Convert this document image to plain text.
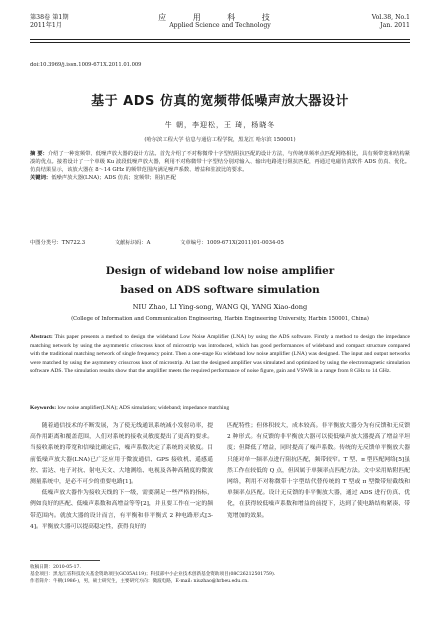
第38卷 第1期
2011年1月
应 用 科 技
Applied Science and Technology
Vol.38, No.1
Jan. 2011
doi:10.3969/j.issn.1009-671X.2011.01.009
基于 ADS 仿真的宽频带低噪声放大器设计
牛 朝，李迎松，王 琦，杨晓冬
(哈尔滨工程大学 信息与通信工程学院，黑龙江 哈尔滨 150001)
摘 要：介绍了一种宽频带、低噪声放大器的设计方法。首先介绍了不对称微带十字型结阻抗匹配的设计方法，与传统单频率点匹配网络相比，具有频带宽和结构紧凑的优点。接着设计了一个单级 Ku 波段低噪声放大器，利用不对称微带十字型结分别对输入、输出电路进行阻抗匹配，再通过电磁仿真软件 ADS 仿真、优化。仿真结果显示，该放大器在 8～14 GHz 的频带范围内满足噪声系数、增益和驻波比的要求。
关键词：低噪声放大器(LNA)；ADS 仿真；宽频带；阻抗匹配
中图分类号：TN722.3	文献标识码：A	文章编号：1009-671X(2011)01-0034-05
Design of wideband low noise amplifier
based on ADS software simulation
NIU Zhao, LI Ying-song, WANG Qi, YANG Xiao-dong
(College of Information and Communication Engineering, Harbin Engineering University, Harbin 150001, China)
Abstract: This paper presents a method to design the wideband Low Noise Amplifier (LNA) by using the ADS software. Firstly a method to design the impedance matching network by using the asymmetric crisscross knot of microstrip was introduced, which has good performances of wideband and compact structure compared with the traditional matching network of single frequency point. Then a one-stage Ku wideband low noise amplifier (LNA) was designed. The input and output networks were matched by using the asymmetry crisscross knot of microstrip. At last the designed amplifier was simulated and optimized by using the electromagnetic simulation software ADS. The simulation results show that the amplifier meets the required performance of noise figure, gain and VSWR in a range from 8 GHz to 14 GHz.
Keywords: low noise amplifier(LNA); ADS simulation; wideband; impedance matching

随着通信技术的不断发展，为了使无线通讯系统减小发射功率，提高作用距离和覆盖范围，人们对系统的接收灵敏度提出了更高的要求。当接收系统的带宽和信噪比确定后，噪声系数决定了系统的灵敏度。目前低噪声放大器(LNA)已广泛应用于微波通信、GPS 接收机、遥感遥控、雷达、电子对抗、射电天文、大地测绘、电视及各种高精度的微波测量系统中，是必不可少的重要电路[1]。

低噪声放大器作为接收天线的下一级，需要满足一些严格的指标，例如良好的匹配、低噪声系数和高增益等等[2]，并且要工作在一定的频带范围内。就放大器的设计而言，有平衡和非平衡式 2 种电路形式[3-4]。平衡放大器可以提高稳定性，获得良好的

匹配特性；但体积较大，成本较高。非平衡放大器分为有反馈和无反馈 2 种形式。有反馈的非平衡放大器可以使低噪声放大器提高了增益平坦度；但降低了增益，同时提高了噪声系数。传统的无反馈单平衡放大器只能对单一频率点进行阻抗匹配，频带较窄。T 型、π 型匹配网络[5]虽然工作在较低的 Q 点，但因属于单频率点匹配方法。文中采用贴附匹配网络，利用不对称微带十字型结代替传统的 T 型或 π 型微带短截线和单频率点匹配。设计无反馈的非平衡放大器，通过 ADS 进行仿真、优化，在获得较低噪声系数和增益的前提下，达到了使电路结构紧凑、带宽增加的效果。

收稿日期：2010-05-17.
基金项目：黑龙江省科技攻关基金资助项目(GC05A119)；科技部中小企业技术创新基金资助项目(08C26212501759).
作者简介：牛朝(1986-)，男，硕士研究生，主要研究方向：微波电路，E-mail: niuzhao@hrbeu.edu.cn.
